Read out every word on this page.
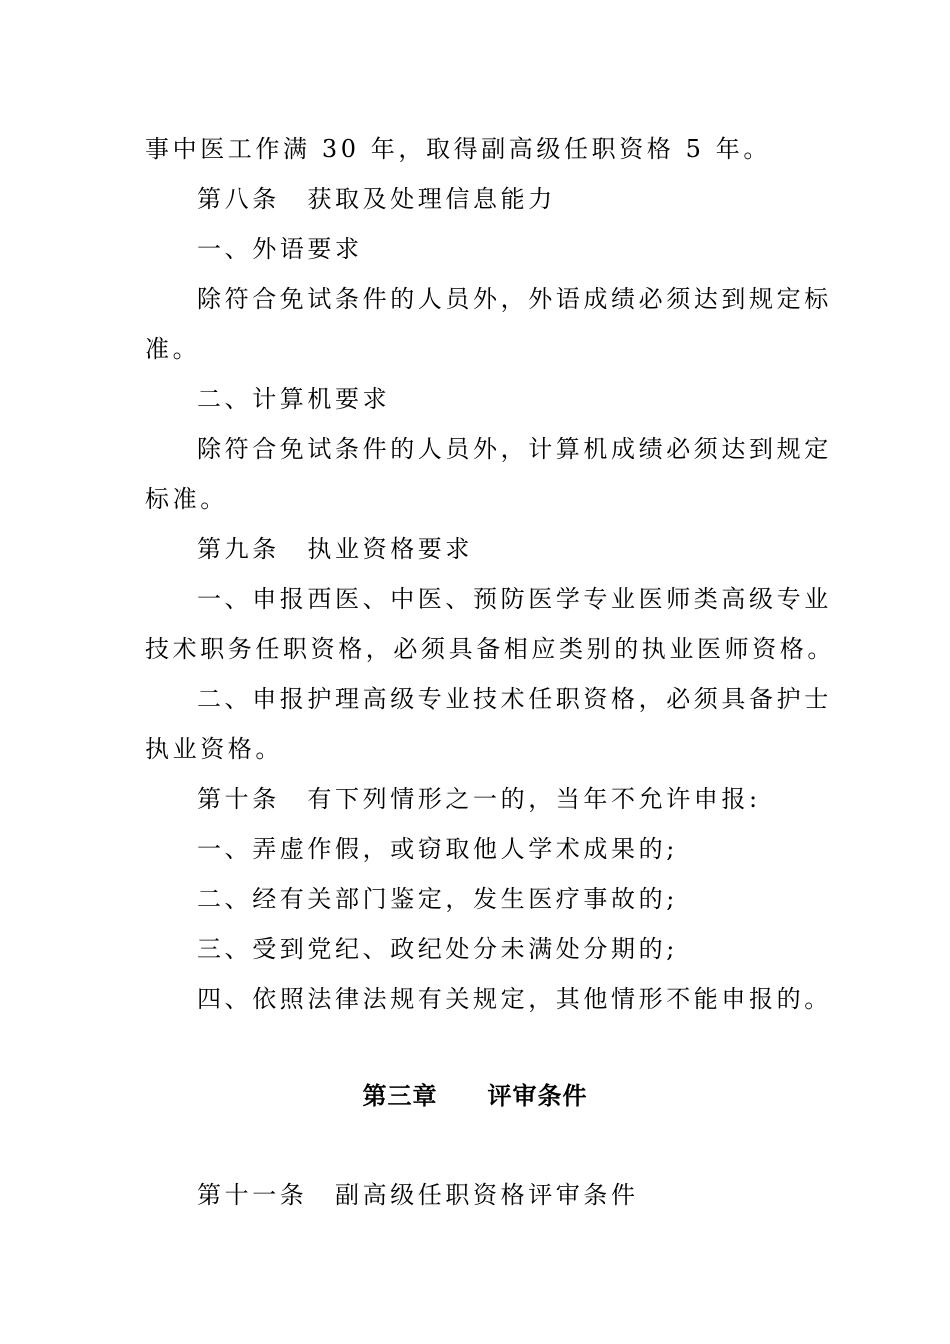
事中医工作满 30 年，取得副高级任职资格 5 年。
第八条　获取及处理信息能力
一、外语要求
除符合免试条件的人员外，外语成绩必须达到规定标
准。
二、计算机要求
除符合免试条件的人员外，计算机成绩必须达到规定
标准。
第九条　执业资格要求
一、申报西医、中医、预防医学专业医师类高级专业
技术职务任职资格，必须具备相应类别的执业医师资格。
二、申报护理高级专业技术任职资格，必须具备护士
执业资格。
第十条　有下列情形之一的，当年不允许申报:
一、弄虚作假，或窃取他人学术成果的;
二、经有关部门鉴定，发生医疗事故的;
三、受到党纪、政纪处分未满处分期的;
四、依照法律法规有关规定，其他情形不能申报的。
第三章　　评审条件
第十一条　副高级任职资格评审条件
